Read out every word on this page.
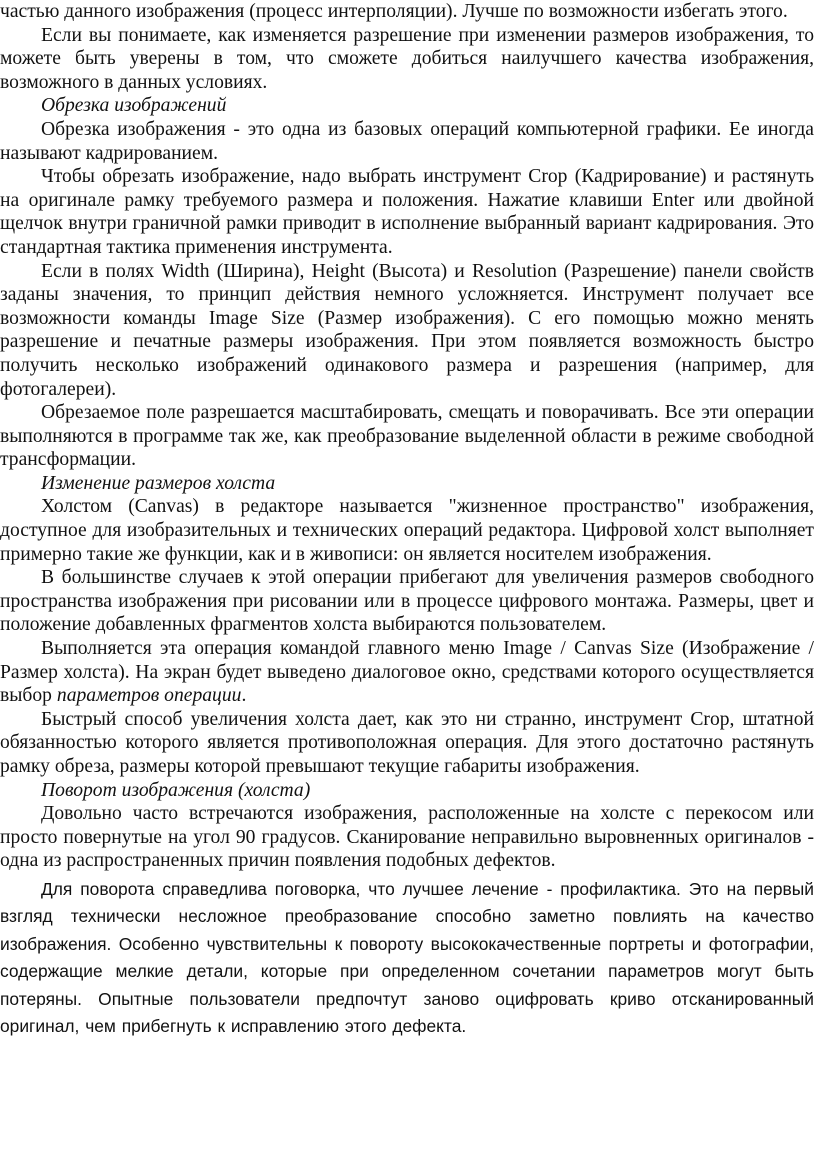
частью данного изображения (процесс интерполяции). Лучше по возможности избегать этого.

Если вы понимаете, как изменяется разрешение при изменении размеров изображения, то можете быть уверены в том, что сможете добиться наилучшего качества изображения, возможного в данных условиях.

Обрезка изображений

Обрезка изображения - это одна из базовых операций компьютерной графики. Ее иногда называют кадрированием.

Чтобы обрезать изображение, надо выбрать инструмент Crop (Кадрирование) и растянуть на оригинале рамку требуемого размера и положения. Нажатие клавиши Enter или двойной щелчок внутри граничной рамки приводит в исполнение выбранный вариант кадрирования. Это стандартная тактика применения инструмента.

Если в полях Width (Ширина), Height (Высота) и Resolution (Разрешение) панели свойств заданы значения, то принцип действия немного усложняется. Инструмент получает все возможности команды Image Size (Размер изображения). С его помощью можно менять разрешение и печатные размеры изображения. При этом появляется возможность быстро получить несколько изображений одинакового размера и разрешения (например, для фотогалереи).

Обрезаемое поле разрешается масштабировать, смещать и поворачивать. Все эти операции выполняются в программе так же, как преобразование выделенной области в режиме свободной трансформации.

Изменение размеров холста

Холстом (Canvas) в редакторе называется "жизненное пространство" изображения, доступное для изобразительных и технических операций редактора. Цифровой холст выполняет примерно такие же функции, как и в живописи: он является носителем изображения.

В большинстве случаев к этой операции прибегают для увеличения размеров свободного пространства изображения при рисовании или в процессе цифрового монтажа. Размеры, цвет и положение добавленных фрагментов холста выбираются пользователем.

Выполняется эта операция командой главного меню Image / Canvas Size (Изображение / Размер холста). На экран будет выведено диалоговое окно, средствами которого осуществляется выбор параметров операции.

Быстрый способ увеличения холста дает, как это ни странно, инструмент Crop, штатной обязанностью которого является противоположная операция. Для этого достаточно растянуть рамку обреза, размеры которой превышают текущие габариты изображения.

Поворот изображения (холста)

Довольно часто встречаются изображения, расположенные на холсте с перекосом или просто повернутые на угол 90 градусов. Сканирование неправильно выровненных оригиналов - одна из распространенных причин появления подобных дефектов.

Для поворота справедлива поговорка, что лучшее лечение - профилактика. Это на первый взгляд технически несложное преобразование способно заметно повлиять на качество изображения. Особенно чувствительны к повороту высококачественные портреты и фотографии, содержащие мелкие детали, которые при определенном сочетании параметров могут быть потеряны. Опытные пользователи предпочтут заново оцифровать криво отсканированный оригинал, чем прибегнуть к исправлению этого дефекта.
